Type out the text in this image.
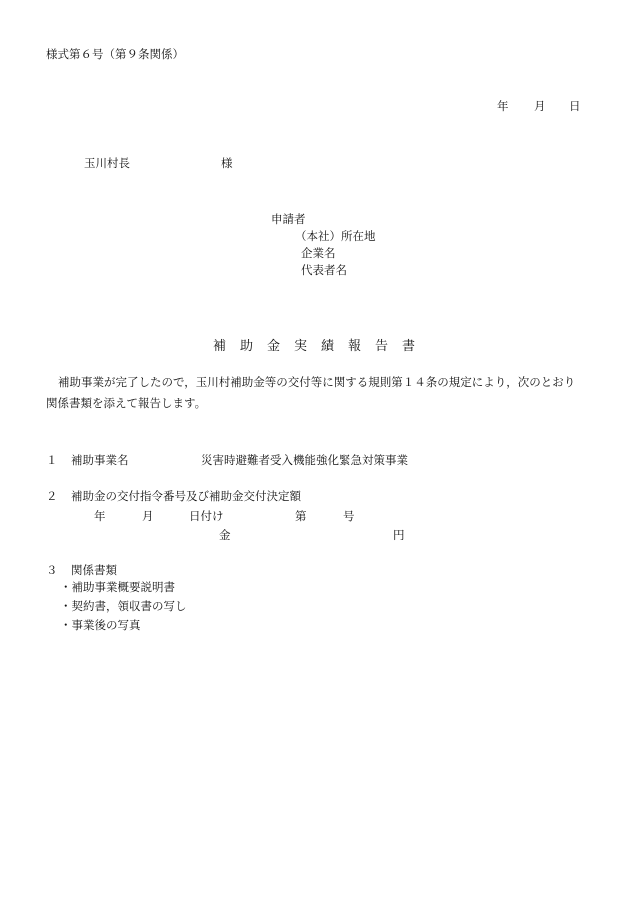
様式第６号（第９条関係）
年 月 日
玉川村長	様
申請者
（本社）所在地
企業名
代表者名
補助金実績報告書
補助事業が完了したので，玉川村補助金等の交付等に関する規則第１４条の規定により，次のとおり
関係書類を添えて報告します。
１ 補助事業名	災害時避難者受入機能強化緊急対策事業
２ 補助金の交付指令番号及び補助金交付決定額
年	月	日付け	第	号
金	円
３ 関係書類
・補助事業概要説明書
・契約書，領収書の写し
・事業後の写真
